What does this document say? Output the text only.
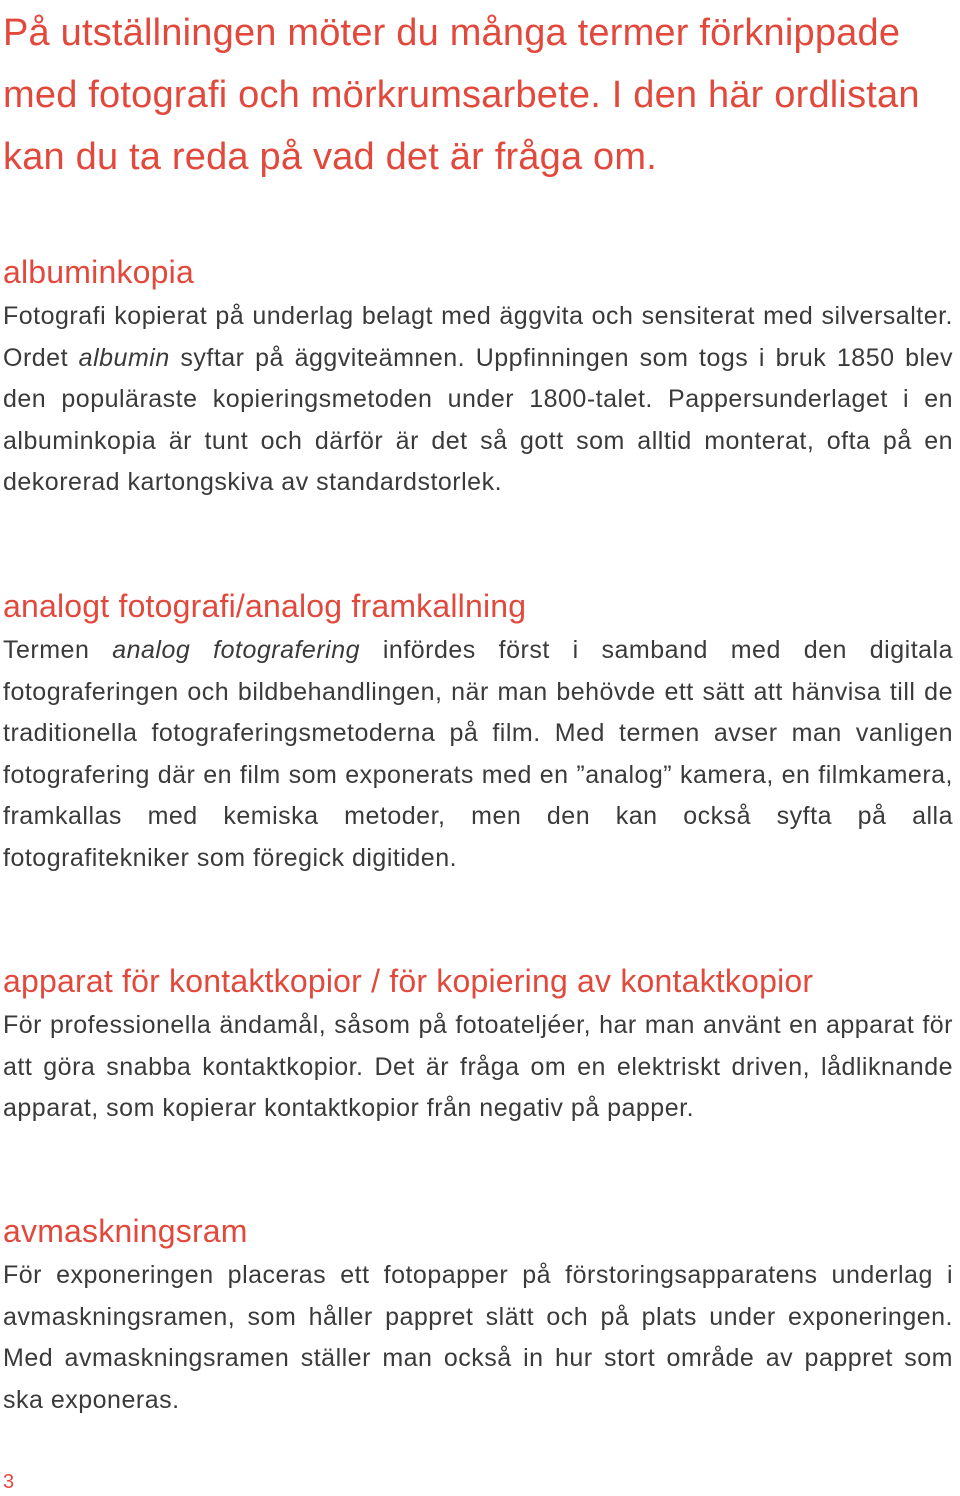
På utställningen möter du många termer förknippade med fotografi och mörkrumsarbete. I den här ordlistan kan du ta reda på vad det är fråga om.
albuminkopia

Fotografi kopierat på underlag belagt med äggvita och sensiterat med silversalter. Ordet albumin syftar på äggviteämnen. Uppfinningen som togs i bruk 1850 blev den populäraste kopieringsmetoden under 1800-talet. Pappersunderlaget i en albuminkopia är tunt och därför är det så gott som alltid monterat, ofta på en dekorerad kartongskiva av standardstorlek.

analogt fotografi/analog framkallning

Termen analog fotografering infördes först i samband med den digitala fotograferingen och bildbehandlingen, när man behövde ett sätt att hänvisa till de traditionella fotograferingsmetoderna på film. Med termen avser man vanligen fotografering där en film som exponerats med en ”analog” kamera, en filmkamera, framkallas med kemiska metoder, men den kan också syfta på alla fotografitekniker som föregick digitiden.

apparat för kontaktkopior / för kopiering av kontaktkopior

För professionella ändamål, såsom på fotoateljéer, har man använt en apparat för att göra snabba kontaktkopior. Det är fråga om en elektriskt driven, lådliknande apparat, som kopierar kontaktkopior från negativ på papper.

avmaskningsram

För exponeringen placeras ett fotopapper på förstoringsapparatens underlag i avmaskningsramen, som håller pappret slätt och på plats under exponeringen. Med avmaskningsramen ställer man också in hur stort område av pappret som ska exponeras.

3
